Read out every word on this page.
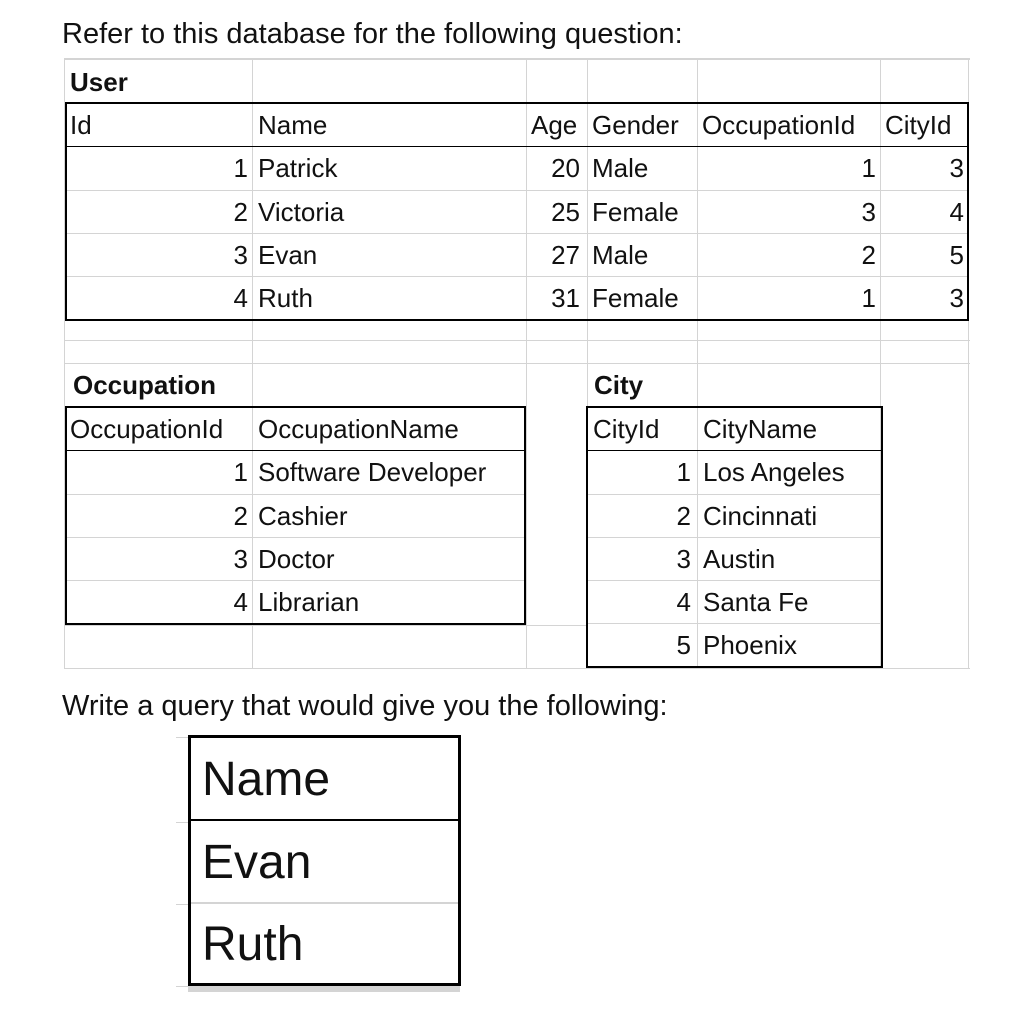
Refer to this database for the following question:
User
Id	Name	Age Gender OccupationId CityId
1 Patrick	20 Male	1	3
2 Victoria	25 Female	3	4
3 Evan	27 Male	2	5
4 Ruth	31 Female	1	3
Occupation
OccupationId OccupationName
1 Software Developer
2 Cashier
3 Doctor
4 Librarian
City
CityId CityName
1 Los Angeles
2 Cincinnati
3 Austin
4 Santa Fe
5 Phoenix
Write a query that would give you the following:
Name
Evan
Ruth
